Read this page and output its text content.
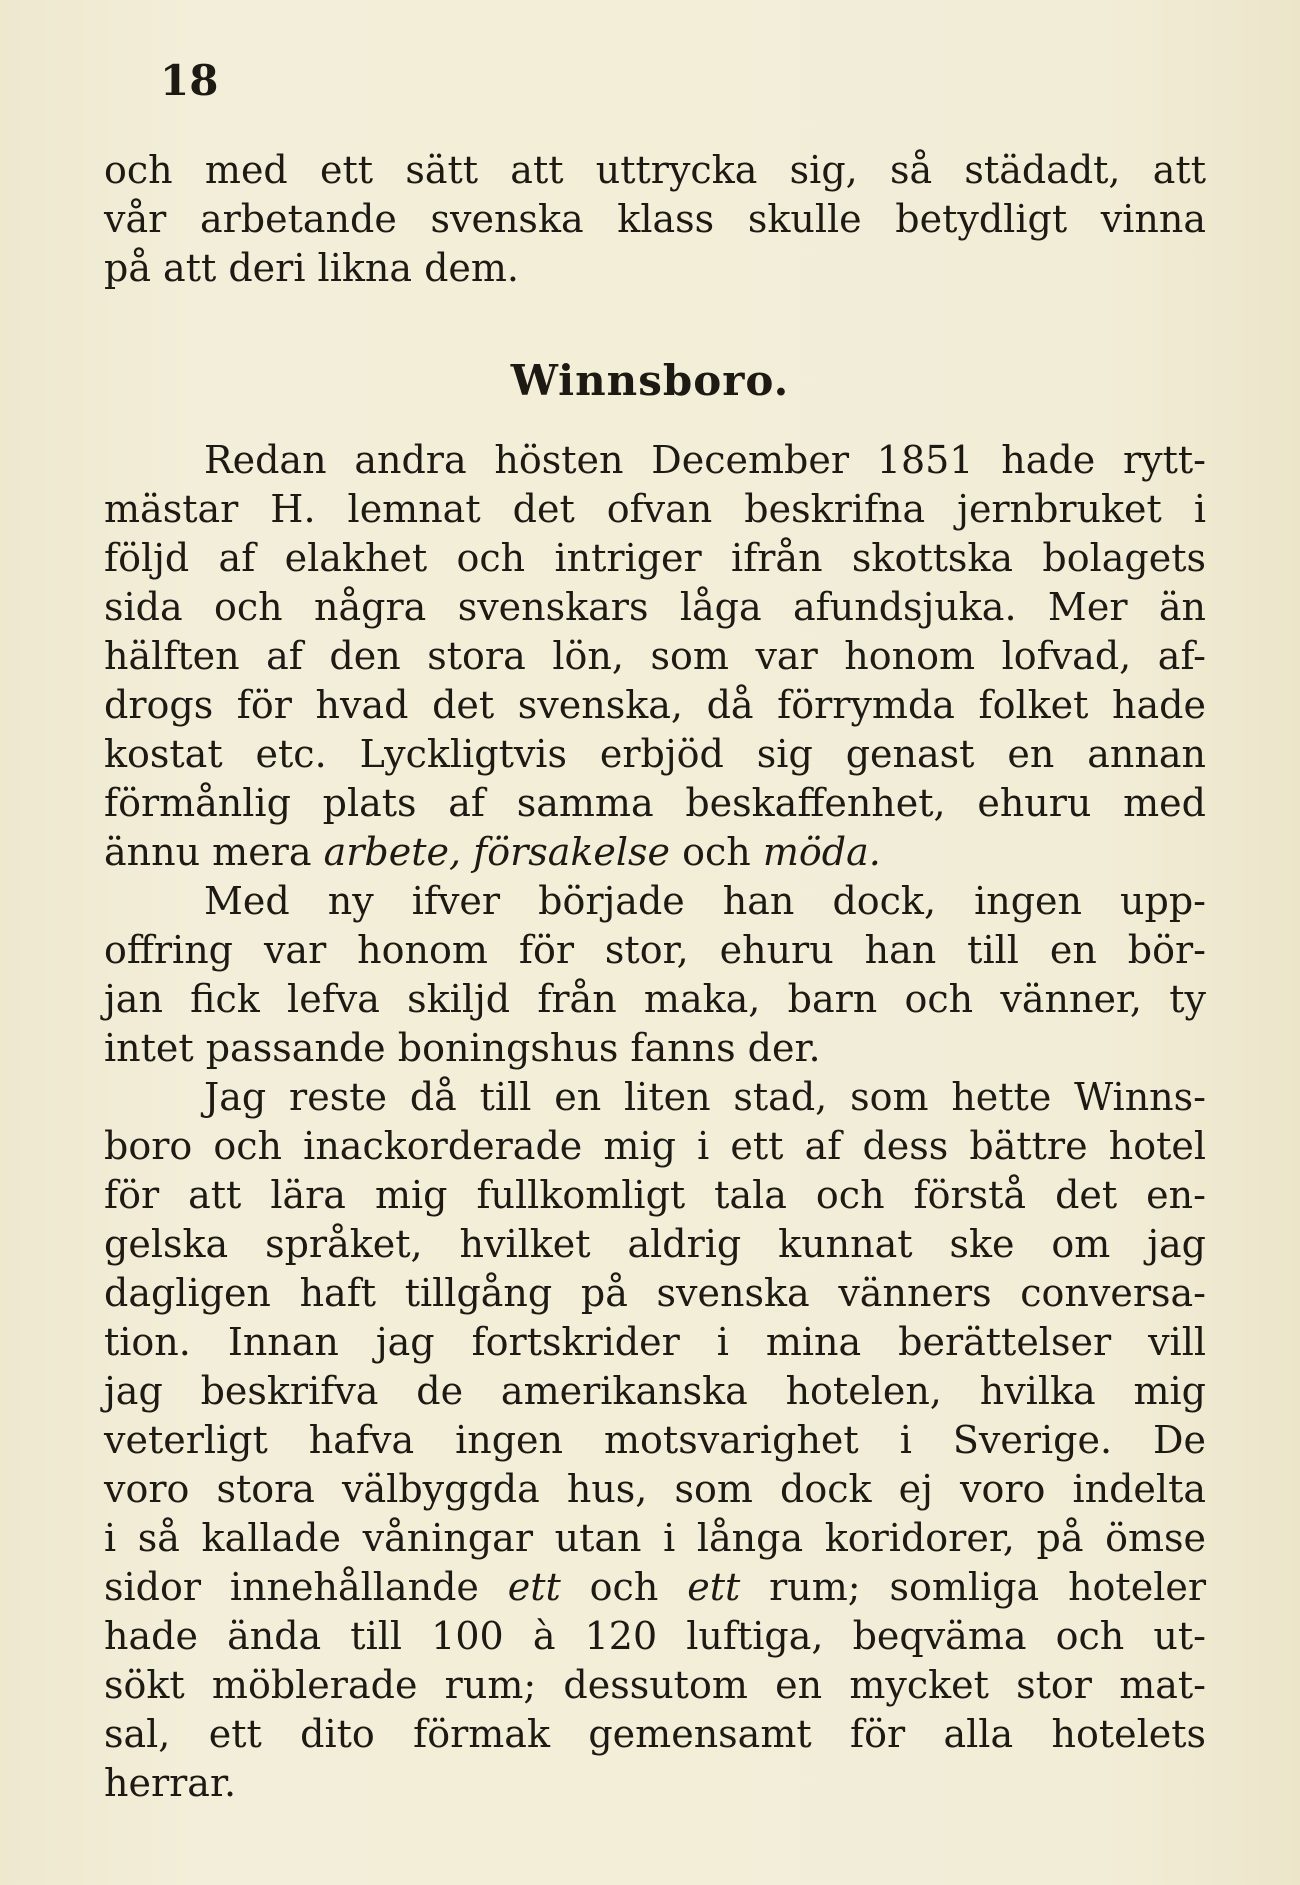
18
och med ett sätt att uttrycka sig, så städadt, att
vår arbetande svenska klass skulle betydligt vinna
på att deri likna dem.
Winnsboro.
Redan andra hösten December 1851 hade rytt-
mästar H. lemnat det ofvan beskrifna jernbruket i
följd af elakhet och intriger ifrån skottska bolagets
sida och några svenskars låga afundsjuka. Mer än
hälften af den stora lön, som var honom lofvad, af-
drogs för hvad det svenska, då förrymda folket hade
kostat etc. Lyckligtvis erbjöd sig genast en annan
förmånlig plats af samma beskaffenhet, ehuru med
ännu mera arbete, försakelse och möda.
Med ny ifver började han dock, ingen upp-
offring var honom för stor, ehuru han till en bör-
jan fick lefva skiljd från maka, barn och vänner, ty
intet passande boningshus fanns der.
Jag reste då till en liten stad, som hette Winns-
boro och inackorderade mig i ett af dess bättre hotel
för att lära mig fullkomligt tala och förstå det en-
gelska språket, hvilket aldrig kunnat ske om jag
dagligen haft tillgång på svenska vänners conversa-
tion. Innan jag fortskrider i mina berättelser vill
jag beskrifva de amerikanska hotelen, hvilka mig
veterligt hafva ingen motsvarighet i Sverige. De
voro stora välbyggda hus, som dock ej voro indelta
i så kallade våningar utan i långa koridorer, på ömse
sidor innehållande ett och ett rum; somliga hoteler
hade ända till 100 à 120 luftiga, beqväma och ut-
sökt möblerade rum; dessutom en mycket stor mat-
sal, ett dito förmak gemensamt för alla hotelets
herrar.
